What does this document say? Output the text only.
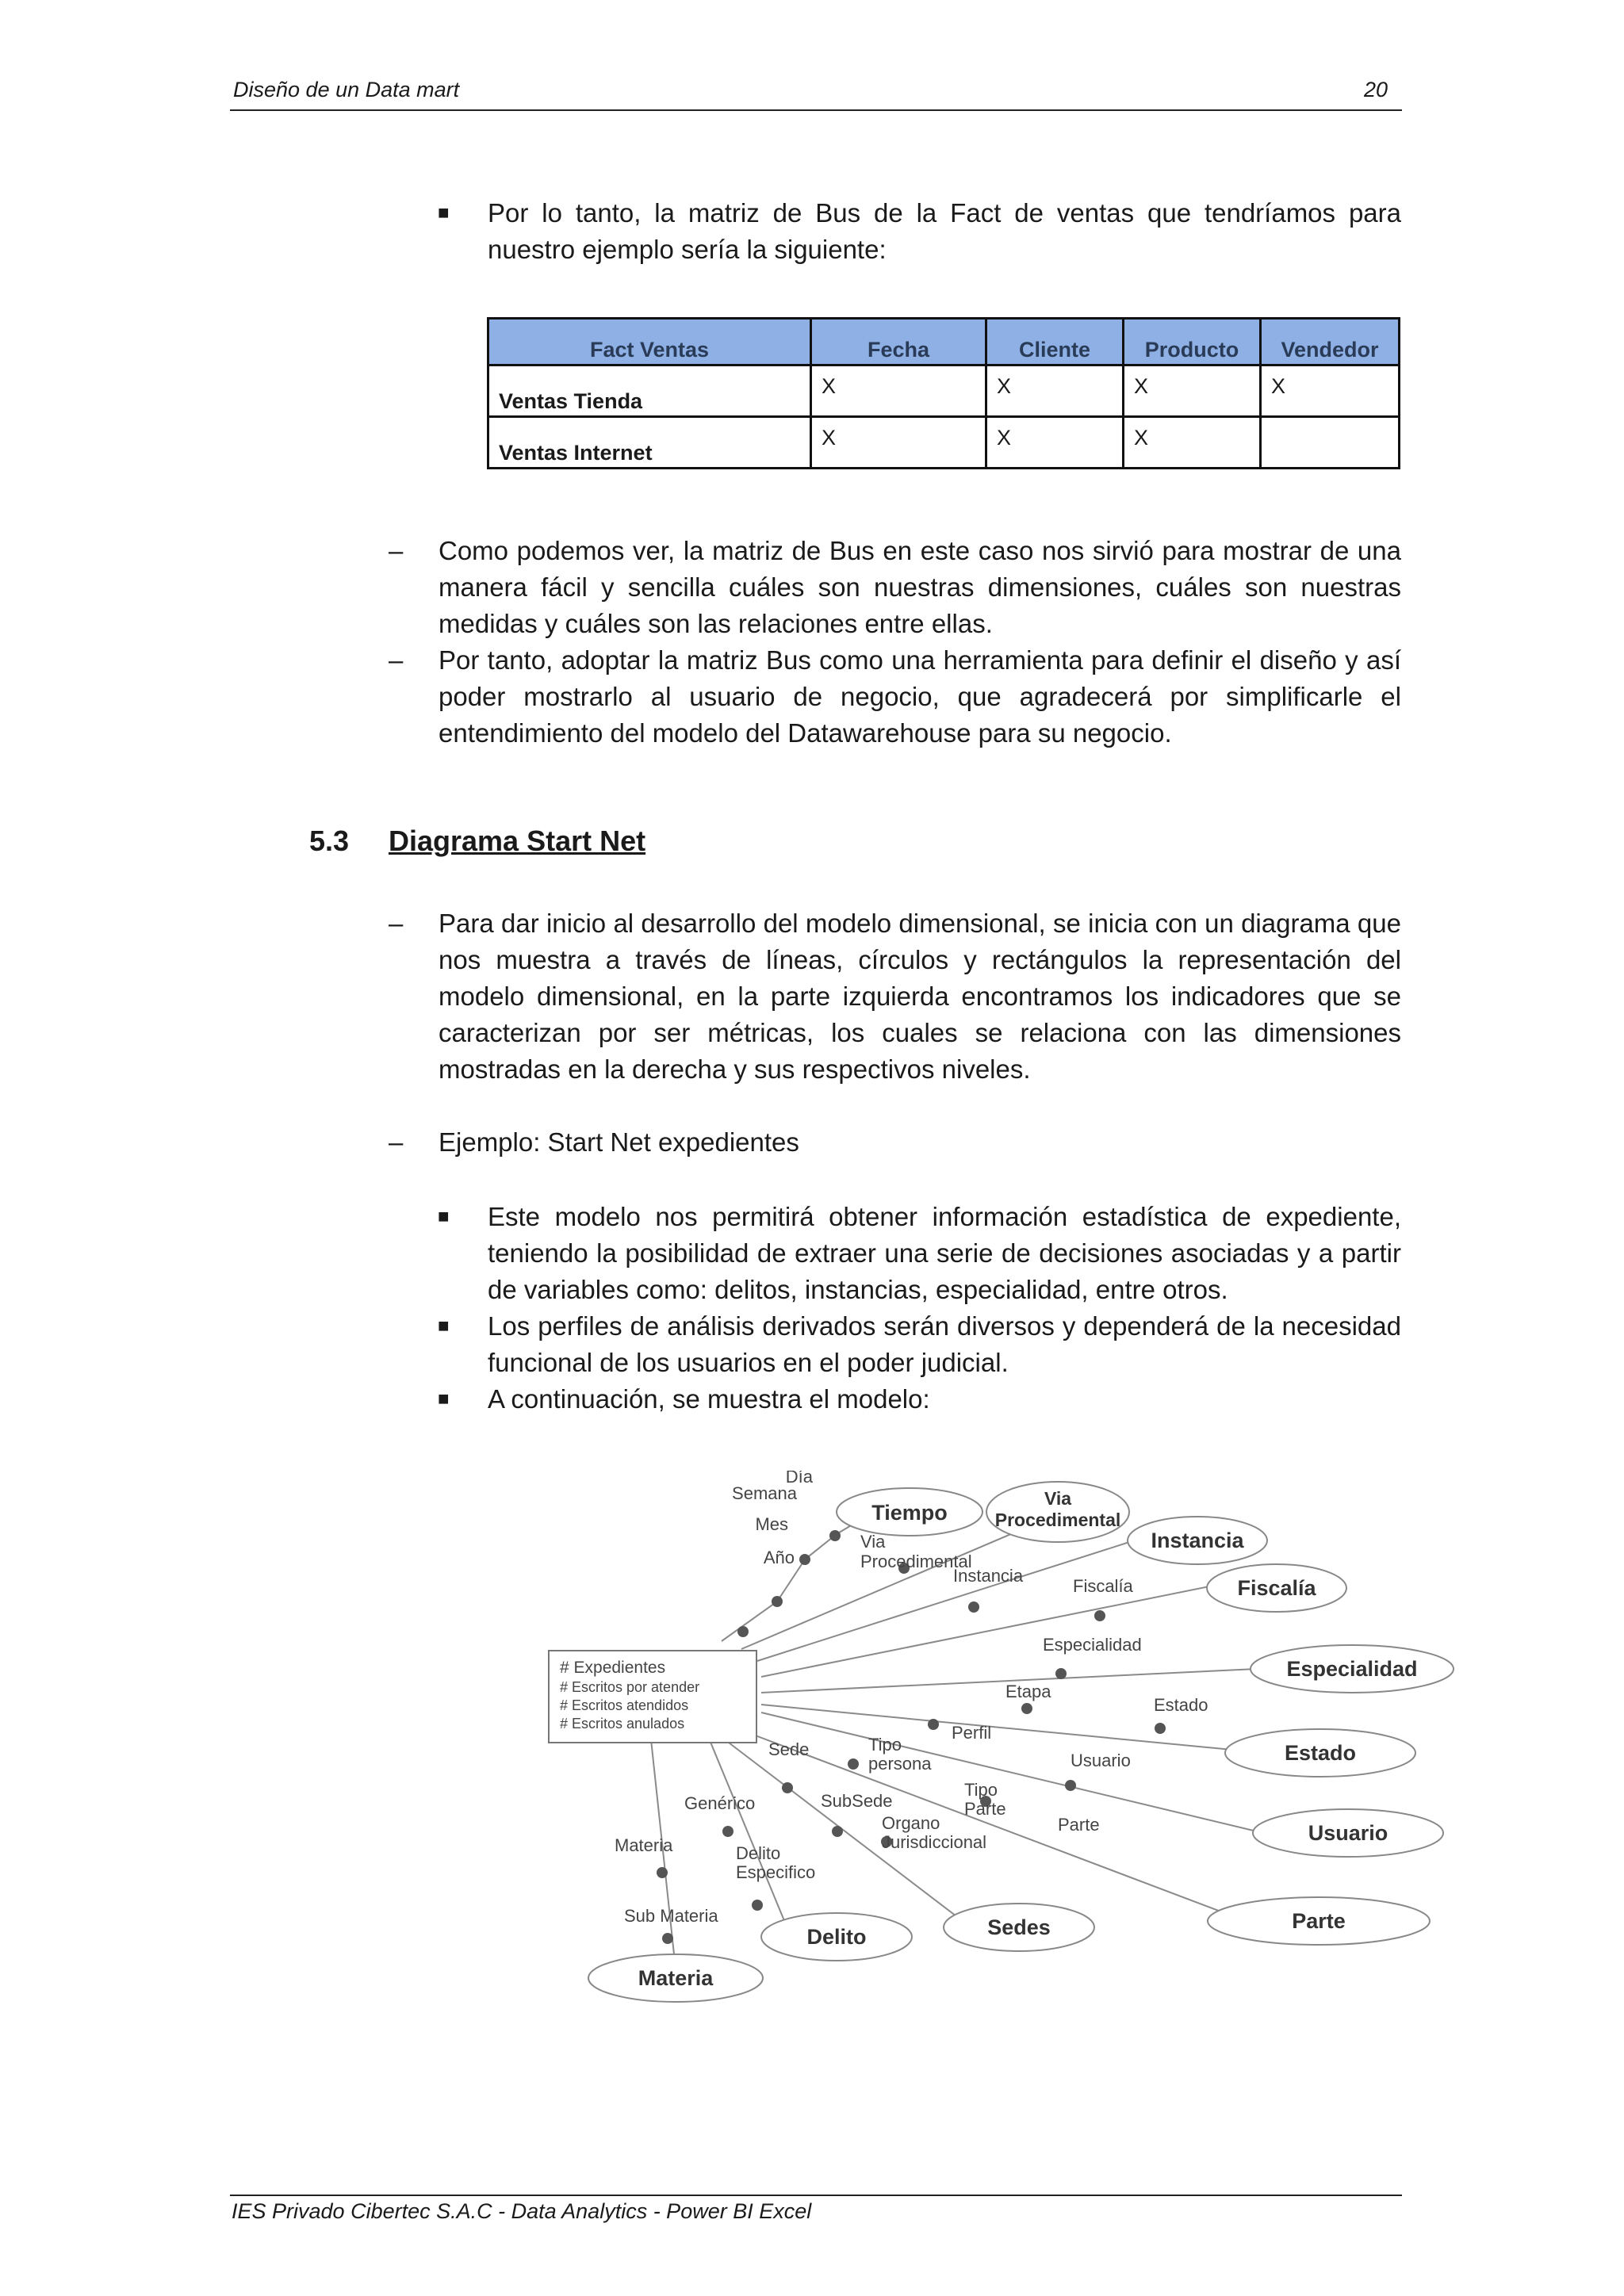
Diseño de un Data mart	20
■ Por lo tanto, la matriz de Bus de la Fact de ventas que tendríamos para nuestro ejemplo sería la siguiente:
Fact Ventas	Fecha	Cliente	Producto	Vendedor
Ventas Tienda	X	X	X	X
Ventas Internet	X	X	X	
– Como podemos ver, la matriz de Bus en este caso nos sirvió para mostrar de una manera fácil y sencilla cuáles son nuestras dimensiones, cuáles son nuestras medidas y cuáles son las relaciones entre ellas.
– Por tanto, adoptar la matriz Bus como una herramienta para definir el diseño y así poder mostrarlo al usuario de negocio, que agradecerá por simplificarle el entendimiento del modelo del Datawarehouse para su negocio.
5.3 Diagrama Start Net
– Para dar inicio al desarrollo del modelo dimensional, se inicia con un diagrama que nos muestra a través de líneas, círculos y rectángulos la representación del modelo dimensional, en la parte izquierda encontramos los indicadores que se caracterizan por ser métricas, los cuales se relaciona con las dimensiones mostradas en la derecha y sus respectivos niveles.
– Ejemplo: Start Net expedientes
■ Este modelo nos permitirá obtener información estadística de expediente, teniendo la posibilidad de extraer una serie de decisiones asociadas y a partir de variables como: delitos, instancias, especialidad, entre otros.
■ Los perfiles de análisis derivados serán diversos y dependerá de la necesidad funcional de los usuarios en el poder judicial.
■ A continuación, se muestra el modelo:
# Expedientes
# Escritos por atender
# Escritos atendidos
# Escritos anulados
Tiempo
Año
Mes
Semana
Día
Via
Procedimental
Via
Procedimental
Instancia
Instancia
Fiscalía
Fiscalía
Especialidad
Especialidad
Estado
Etapa
Estado
Usuario
Perfil
Usuario
Parte
Tipo
Parte
Parte
Sedes
Sede	Tipo
persona
SubSede
Organo
Jurisdiccional
Delito
Genérico
Delito
Especifico
Materia
Materia
Sub Materia
IES Privado Cibertec S.A.C - Data Analytics - Power BI Excel
